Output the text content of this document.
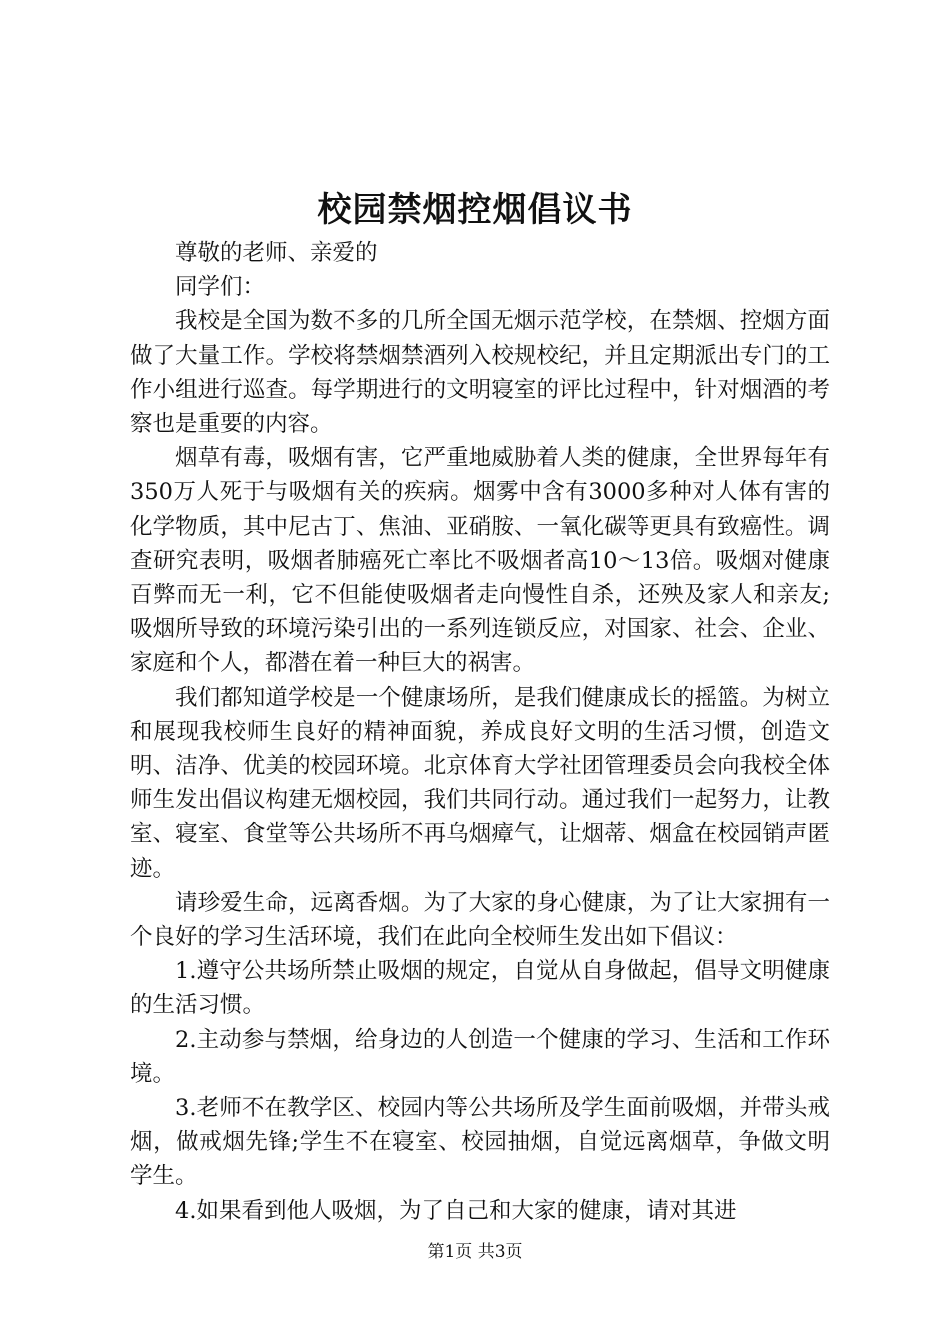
校园禁烟控烟倡议书

尊敬的老师、亲爱的

同学们：

我校是全国为数不多的几所全国无烟示范学校，在禁烟、控烟方面做了大量工作。学校将禁烟禁酒列入校规校纪，并且定期派出专门的工作小组进行巡查。每学期进行的文明寝室的评比过程中，针对烟酒的考察也是重要的内容。

烟草有毒，吸烟有害，它严重地威胁着人类的健康，全世界每年有350万人死于与吸烟有关的疾病。烟雾中含有3000多种对人体有害的化学物质，其中尼古丁、焦油、亚硝胺、一氧化碳等更具有致癌性。调查研究表明，吸烟者肺癌死亡率比不吸烟者高10～13倍。吸烟对健康百弊而无一利，它不但能使吸烟者走向慢性自杀，还殃及家人和亲友;吸烟所导致的环境污染引出的一系列连锁反应，对国家、社会、企业、家庭和个人，都潜在着一种巨大的祸害。

我们都知道学校是一个健康场所，是我们健康成长的摇篮。为树立和展现我校师生良好的精神面貌，养成良好文明的生活习惯，创造文明、洁净、优美的校园环境。北京体育大学社团管理委员会向我校全体师生发出倡议构建无烟校园，我们共同行动。通过我们一起努力，让教室、寝室、食堂等公共场所不再乌烟瘴气，让烟蒂、烟盒在校园销声匿迹。

请珍爱生命，远离香烟。为了大家的身心健康，为了让大家拥有一个良好的学习生活环境，我们在此向全校师生发出如下倡议：

1.遵守公共场所禁止吸烟的规定，自觉从自身做起，倡导文明健康的生活习惯。

2.主动参与禁烟，给身边的人创造一个健康的学习、生活和工作环境。

3.老师不在教学区、校园内等公共场所及学生面前吸烟，并带头戒烟，做戒烟先锋;学生不在寝室、校园抽烟，自觉远离烟草，争做文明学生。

4.如果看到他人吸烟，为了自己和大家的健康，请对其进

第1页 共3页
